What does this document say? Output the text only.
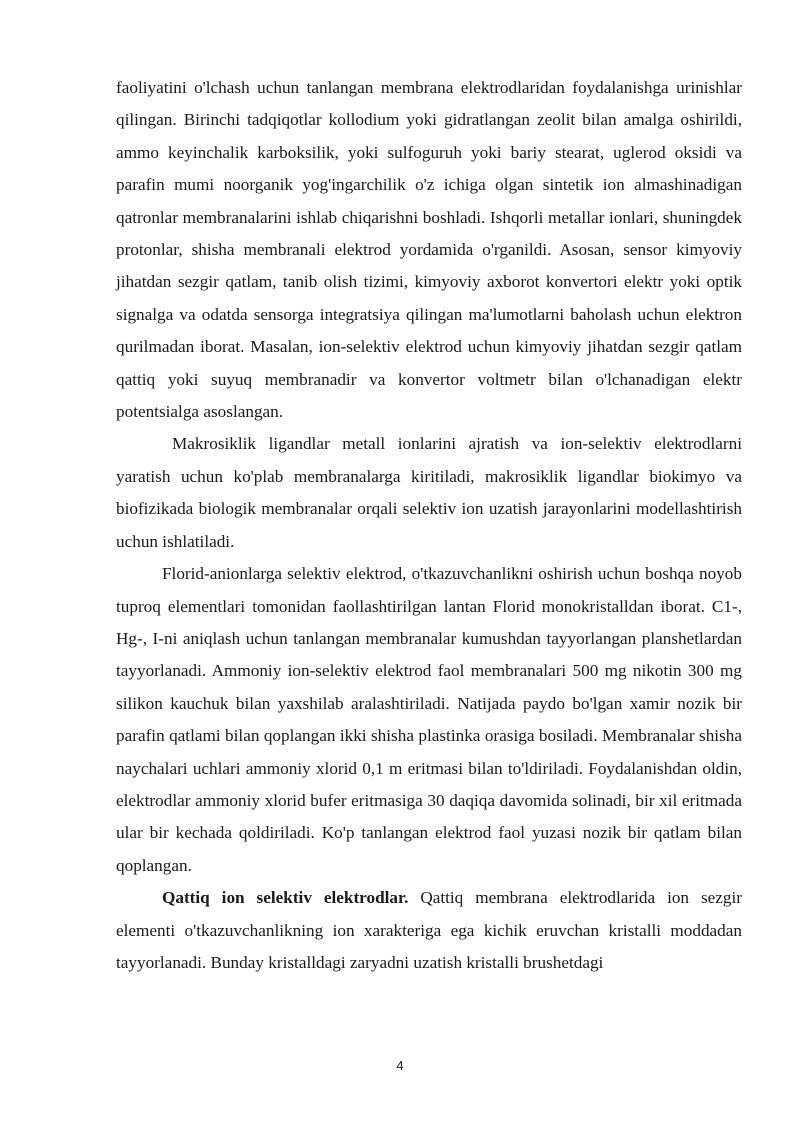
faoliyatini o'lchash uchun tanlangan membrana elektrodlaridan foydalanishga urinishlar qilingan. Birinchi tadqiqotlar kollodium yoki gidratlangan zeolit bilan amalga oshirildi, ammo keyinchalik karboksilik, yoki sulfoguruh yoki bariy stearat, uglerod oksidi va parafin mumi noorganik yog'ingarchilik o'z ichiga olgan sintetik ion almashinadigan qatronlar membranalarini ishlab chiqarishni boshladi. Ishqorli metallar ionlari, shuningdek protonlar, shisha membranali elektrod yordamida o'rganildi. Asosan, sensor kimyoviy jihatdan sezgir qatlam, tanib olish tizimi, kimyoviy axborot konvertori elektr yoki optik signalga va odatda sensorga integratsiya qilingan ma'lumotlarni baholash uchun elektron qurilmadan iborat. Masalan, ion-selektiv elektrod uchun kimyoviy jihatdan sezgir qatlam qattiq yoki suyuq membranadir va konvertor voltmetr bilan o'lchanadigan elektr potentsialga asoslangan.

Makrosiklik ligandlar metall ionlarini ajratish va ion-selektiv elektrodlarni yaratish uchun ko'plab membranalarga kiritiladi, makrosiklik ligandlar biokimyo va biofizikada biologik membranalar orqali selektiv ion uzatish jarayonlarini modellashtirish uchun ishlatiladi.

Florid-anionlarga selektiv elektrod, o'tkazuvchanlikni oshirish uchun boshqa noyob tuproq elementlari tomonidan faollashtirilgan lantan Florid monokristalldan iborat. C1-, Hg-, I-ni aniqlash uchun tanlangan membranalar kumushdan tayyorlangan planshetlardan tayyorlanadi. Ammoniy ion-selektiv elektrod faol membranalari 500 mg nikotin 300 mg silikon kauchuk bilan yaxshilab aralashtiriladi. Natijada paydo bo'lgan xamir nozik bir parafin qatlami bilan qoplangan ikki shisha plastinka orasiga bosiladi. Membranalar shisha naychalari uchlari ammoniy xlorid 0,1 m eritmasi bilan to'ldiriladi. Foydalanishdan oldin, elektrodlar ammoniy xlorid bufer eritmasiga 30 daqiqa davomida solinadi, bir xil eritmada ular bir kechada qoldiriladi. Ko'p tanlangan elektrod faol yuzasi nozik bir qatlam bilan qoplangan.

Qattiq ion selektiv elektrodlar. Qattiq membrana elektrodlarida ion sezgir elementi o'tkazuvchanlikning ion xarakteriga ega kichik eruvchan kristalli moddadan tayyorlanadi. Bunday kristalldagi zaryadni uzatish kristalli brushetdagi

4
